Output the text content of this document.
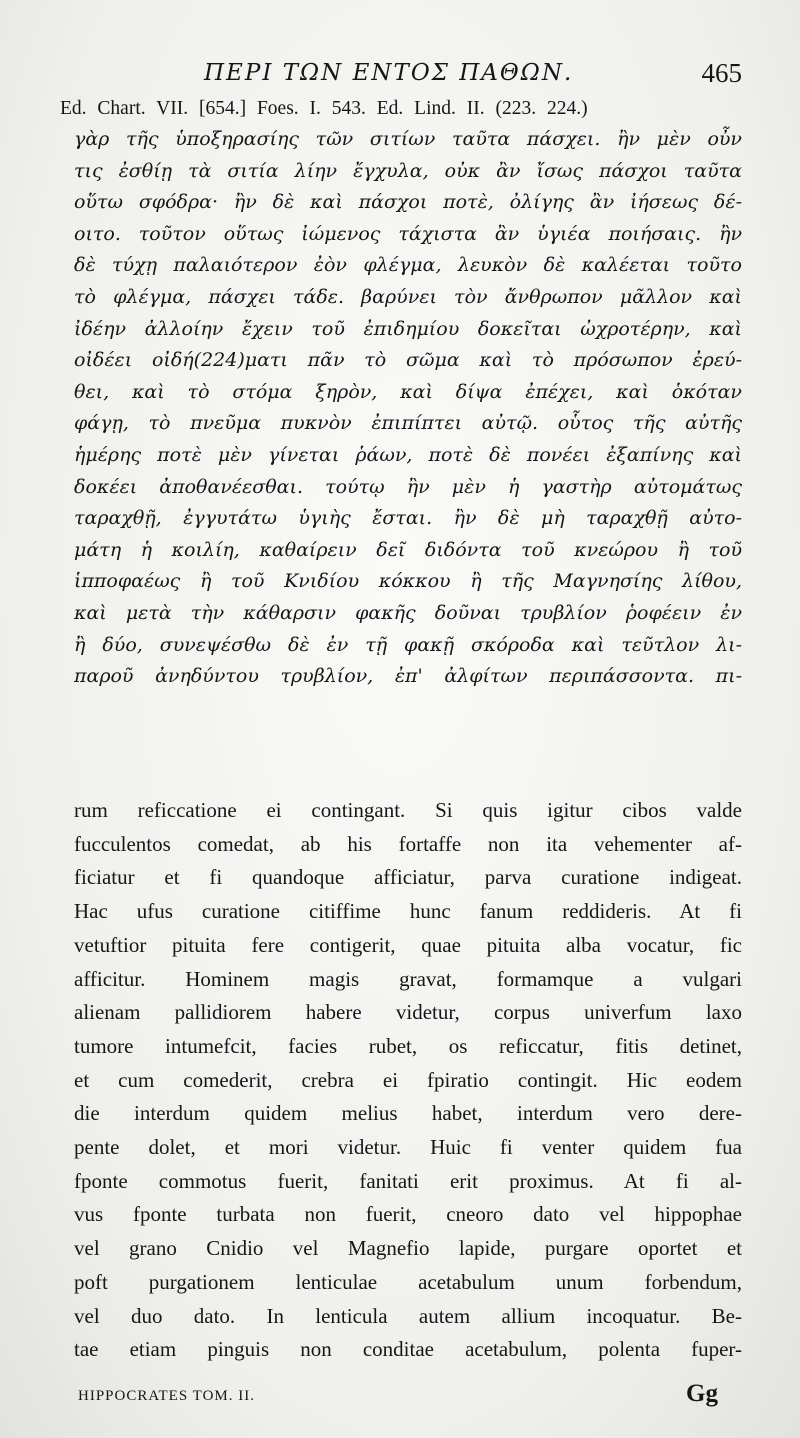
ΠΕΡΙ ΤΩΝ ΕΝΤΟΣ ΠΑΘΩΝ.	465
Ed. Chart. VII. [654.] Foes. I. 543. Ed. Lind. II. (223. 224.)
γὰρ τῆς ὑποξηρασίης τῶν σιτίων ταῦτα πάσχει. ἢν μὲν οὖν
τις ἐσθίῃ τὰ σιτία λίην ἔγχυλα, οὐκ ἂν ἴσως πάσχοι ταῦτα
οὕτω σφόδρα· ἢν δὲ καὶ πάσχοι ποτὲ, ὀλίγης ἂν ἰήσεως δέ-
οιτο. τοῦτον οὕτως ἰώμενος τάχιστα ἂν ὑγιέα ποιήσαις. ἢν
δὲ τύχῃ παλαιότερον ἐὸν φλέγμα, λευκὸν δὲ καλέεται τοῦτο
τὸ φλέγμα, πάσχει τάδε. βαρύνει τὸν ἄνθρωπον μᾶλλον καὶ
ἰδέην ἀλλοίην ἔχειν τοῦ ἐπιδημίου δοκεῖται ὠχροτέρην, καὶ
οἰδέει οἰδή(224)ματι πᾶν τὸ σῶμα καὶ τὸ πρόσωπον ἐρεύ-
θει, καὶ τὸ στόμα ξηρὸν, καὶ δίψα ἐπέχει, καὶ ὁκόταν
φάγῃ, τὸ πνεῦμα πυκνὸν ἐπιπίπτει αὐτῷ. οὗτος τῆς αὐτῆς
ἡμέρης ποτὲ μὲν γίνεται ῥάων, ποτὲ δὲ πονέει ἐξαπίνης καὶ
δοκέει ἀποθανέεσθαι. τούτῳ ἢν μὲν ἡ γαστὴρ αὐτομάτως
ταραχθῇ, ἐγγυτάτω ὑγιὴς ἔσται. ἢν δὲ μὴ ταραχθῇ αὐτο-
μάτη ἡ κοιλίη, καθαίρειν δεῖ διδόντα τοῦ κνεώρου ἢ τοῦ
ἱπποφαέως ἢ τοῦ Κνιδίου κόκκου ἢ τῆς Μαγνησίης λίθου,
καὶ μετὰ τὴν κάθαρσιν φακῆς δοῦναι τρυβλίον ῥοφέειν ἐν
ἢ δύο, συνεψέσθω δὲ ἐν τῇ φακῇ σκόροδα καὶ τεῦτλον λι-
παροῦ ἀνηδύντου τρυβλίον, ἐπ' ἀλφίτων περιπάσσοντα. πι-
rum reficcatione ei contingant. Si quis igitur cibos valde
fucculentos comedat, ab his fortaffe non ita vehementer af-
ficiatur et fi quandoque afficiatur, parva curatione indigeat.
Hac ufus curatione citiffime hunc fanum reddideris. At fi
vetuftior pituita fere contigerit, quae pituita alba vocatur, fic
afficitur. Hominem magis gravat, formamque a vulgari
alienam pallidiorem habere videtur, corpus univerfum laxo
tumore intumefcit, facies rubet, os reficcatur, fitis detinet,
et cum comederit, crebra ei fpiratio contingit. Hic eodem
die interdum quidem melius habet, interdum vero dere-
pente dolet, et mori videtur. Huic fi venter quidem fua
fponte commotus fuerit, fanitati erit proximus. At fi al-
vus fponte turbata non fuerit, cneoro dato vel hippophae
vel grano Cnidio vel Magnefio lapide, purgare oportet et
poft purgationem lenticulae acetabulum unum forbendum,
vel duo dato. In lenticula autem allium incoquatur. Be-
tae etiam pinguis non conditae acetabulum, polenta fuper-
HIPPOCRATES TOM. II.	Gg
